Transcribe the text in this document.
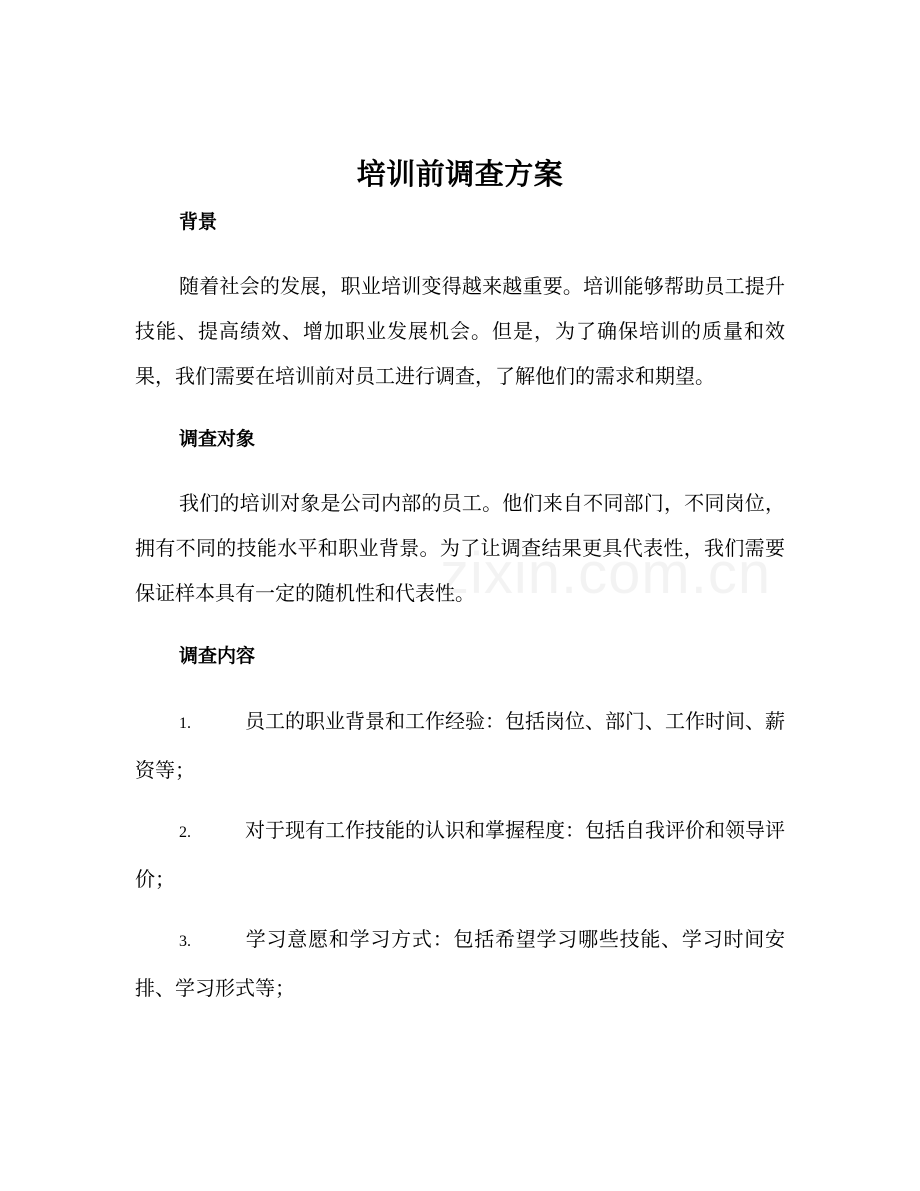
培训前调查方案
背景

随着社会的发展，职业培训变得越来越重要。培训能够帮助员工提升技能、提高绩效、增加职业发展机会。但是，为了确保培训的质量和效果，我们需要在培训前对员工进行调查，了解他们的需求和期望。

调查对象

我们的培训对象是公司内部的员工。他们来自不同部门，不同岗位，拥有不同的技能水平和职业背景。为了让调查结果更具代表性，我们需要保证样本具有一定的随机性和代表性。

调查内容

1.	员工的职业背景和工作经验：包括岗位、部门、工作时间、薪资等；

2.	对于现有工作技能的认识和掌握程度：包括自我评价和领导评价；

3.	学习意愿和学习方式：包括希望学习哪些技能、学习时间安排、学习形式等；
